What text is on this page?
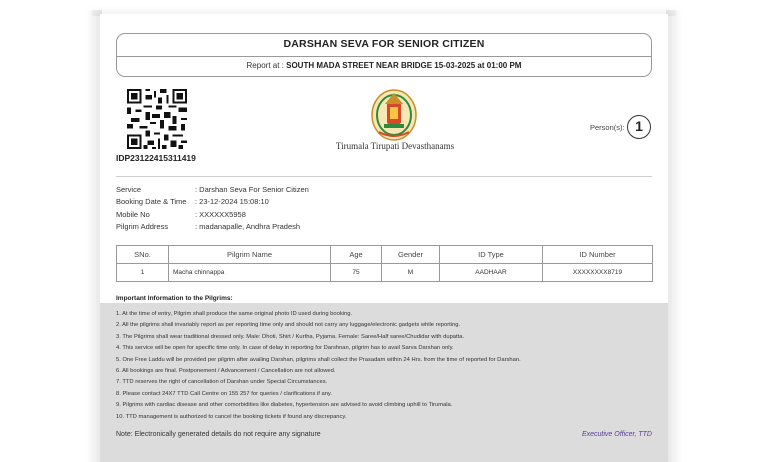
DARSHAN SEVA FOR SENIOR CITIZEN
Report at : SOUTH MADA STREET NEAR BRIDGE 15-03-2025 at 01:00 PM
IDP23122415311419
Tirumala Tirupati Devasthanams
Person(s): 1
Service	: Darshan Seva For Senior Citizen
Booking Date & Time : 23-12-2024 15:08:10
Mobile No	: XXXXXX5958
Pilgrim Address	: madanapalle, Andhra Pradesh
SNo.	Pilgrim Name	Age	Gender	ID Type	ID Number
1	Macha chinnappa	75	M	AADHAAR	XXXXXXXX8719
Important Information to the Pilgrims:
1. At the time of entry, Pilgrim shall produce the same original photo ID used during booking.
2. All the pilgrims shall invariably report as per reporting time only and should not carry any luggage/electronic gadgets while reporting.
3. The Pilgrims shall wear traditional dressed only. Male: Dhoti, Shirt / Kurtha, Pyjama. Female: Saree/Half saree/Chudidar with dupatta.
4. This service will be open for specific time only. In case of delay in reporting for Darshnan, pilgrim has to avail Sarva Darshan only.
5. One Free Laddu will be provided per pilgrim after availing Darshan, pilgrims shall collect the Prasadam within 24 Hrs. from the time of reported for Darshan.
6. All bookings are final. Postponement / Advancement / Cancellation are not allowed.
7. TTD reserves the right of cancellation of Darshan under Special Circumstances.
8. Please contact 24X7 TTD Call Centre on 155 257 for queries / clarifications if any.
9. Pilgrims with cardiac disease and other comorbidities like diabetes, hypertension are advised to avoid climbing uphill to Tirumala.
10. TTD management is authorized to cancel the booking tickets if found any discrepancy.
Note: Electronically generated details do not require any signature	Executive Officer, TTD
